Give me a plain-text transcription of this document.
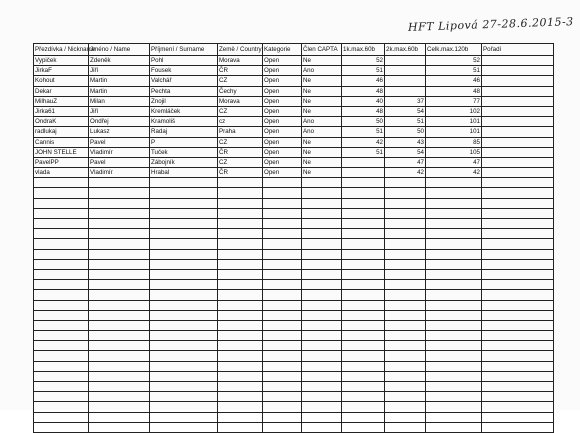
HFT Lipová 27-28.6.2015-3
Přezdívka / Nickname	Jméno / Name	Příjmení / Surname	Země / Country	Kategorie	Člen CAPTA	1k.max.60b	2k.max.60b	Celk.max.120b	Pořadí
Vypiček	Zdeněk	Pohl	Morava	Open	Ne	52		52	
JirkaF	Jiří	Fousek	ČR	Open	Ano	51		51	
Kohout	Martin	Valchář	CZ	Open	Ne	46		46	
Dekar	Martin	Pechta	Čechy	Open	Ne	48		48	
MilhauZ	Milan	Znojil	Morava	Open	Ne	40	37	77	
Jirka61	Jiří	Kremláček	CZ	Open	Ne	48	54	102	
OndraK	Ondřej	Kramoliš	cz	Open	Ano	50	51	101	
radlukaj	Lukasz	Radaj	Praha	Open	Ano	51	50	101	
Cannis	Pavel	P	CZ	Open	Ne	42	43	85	
JOHN STELLE	Vladimír	Tuček	ČR	Open	Ne	51	54	105	
PavelPP	Pavel	Zábojník	CZ	Open	Ne		47	47	
vlada	Vladimír	Hrabal	ČR	Open	Ne		42	42	
